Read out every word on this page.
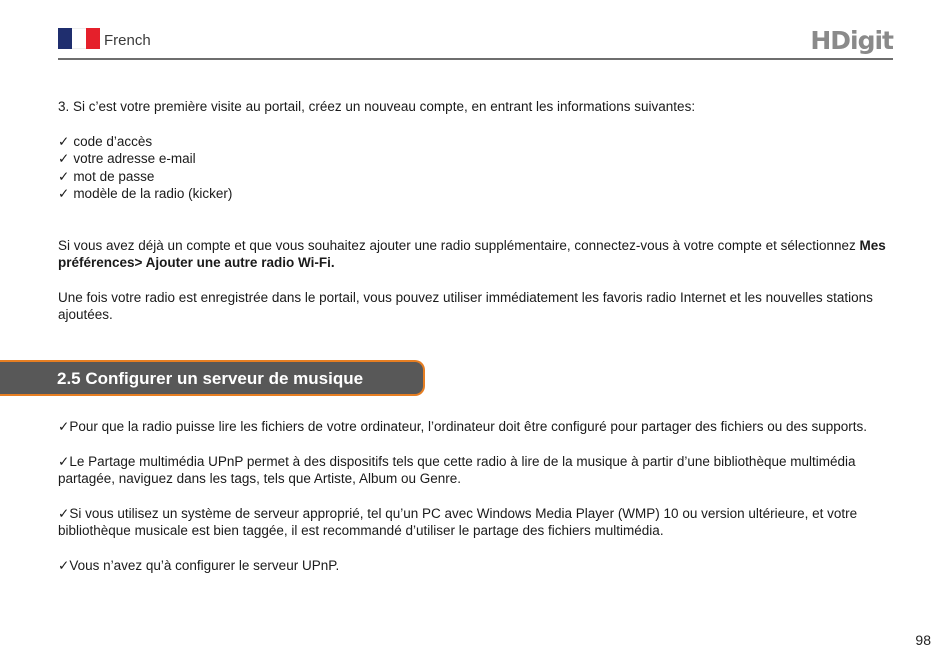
French	HDigit

3. Si c’est votre première visite au portail, créez un nouveau compte, en entrant les informations suivantes:

✓ code d’accès

✓ votre adresse e-mail

✓ mot de passe

✓ modèle de la radio (kicker)

Si vous avez déjà un compte et que vous souhaitez ajouter une radio supplémentaire, connectez-vous à votre compte et sélectionnez Mes préférences> Ajouter une autre radio Wi-Fi.

Une fois votre radio est enregistrée dans le portail, vous pouvez utiliser immédiatement les favoris radio Internet et les nouvelles stations ajoutées.

2.5 Configurer un serveur de musique

✓Pour que la radio puisse lire les fichiers de votre ordinateur, l’ordinateur doit être configuré pour partager des fichiers ou des supports.

✓Le Partage multimédia UPnP permet à des dispositifs tels que cette radio à lire de la musique à partir d’une bibliothèque multimédia partagée, naviguez dans les tags, tels que Artiste, Album ou Genre.

✓Si vous utilisez un système de serveur approprié, tel qu’un PC avec Windows Media Player (WMP) 10 ou version ultérieure, et votre bibliothèque musicale est bien taggée, il est recommandé d’utiliser le partage des fichiers multimédia.

✓Vous n’avez qu’à configurer le serveur UPnP.

98
